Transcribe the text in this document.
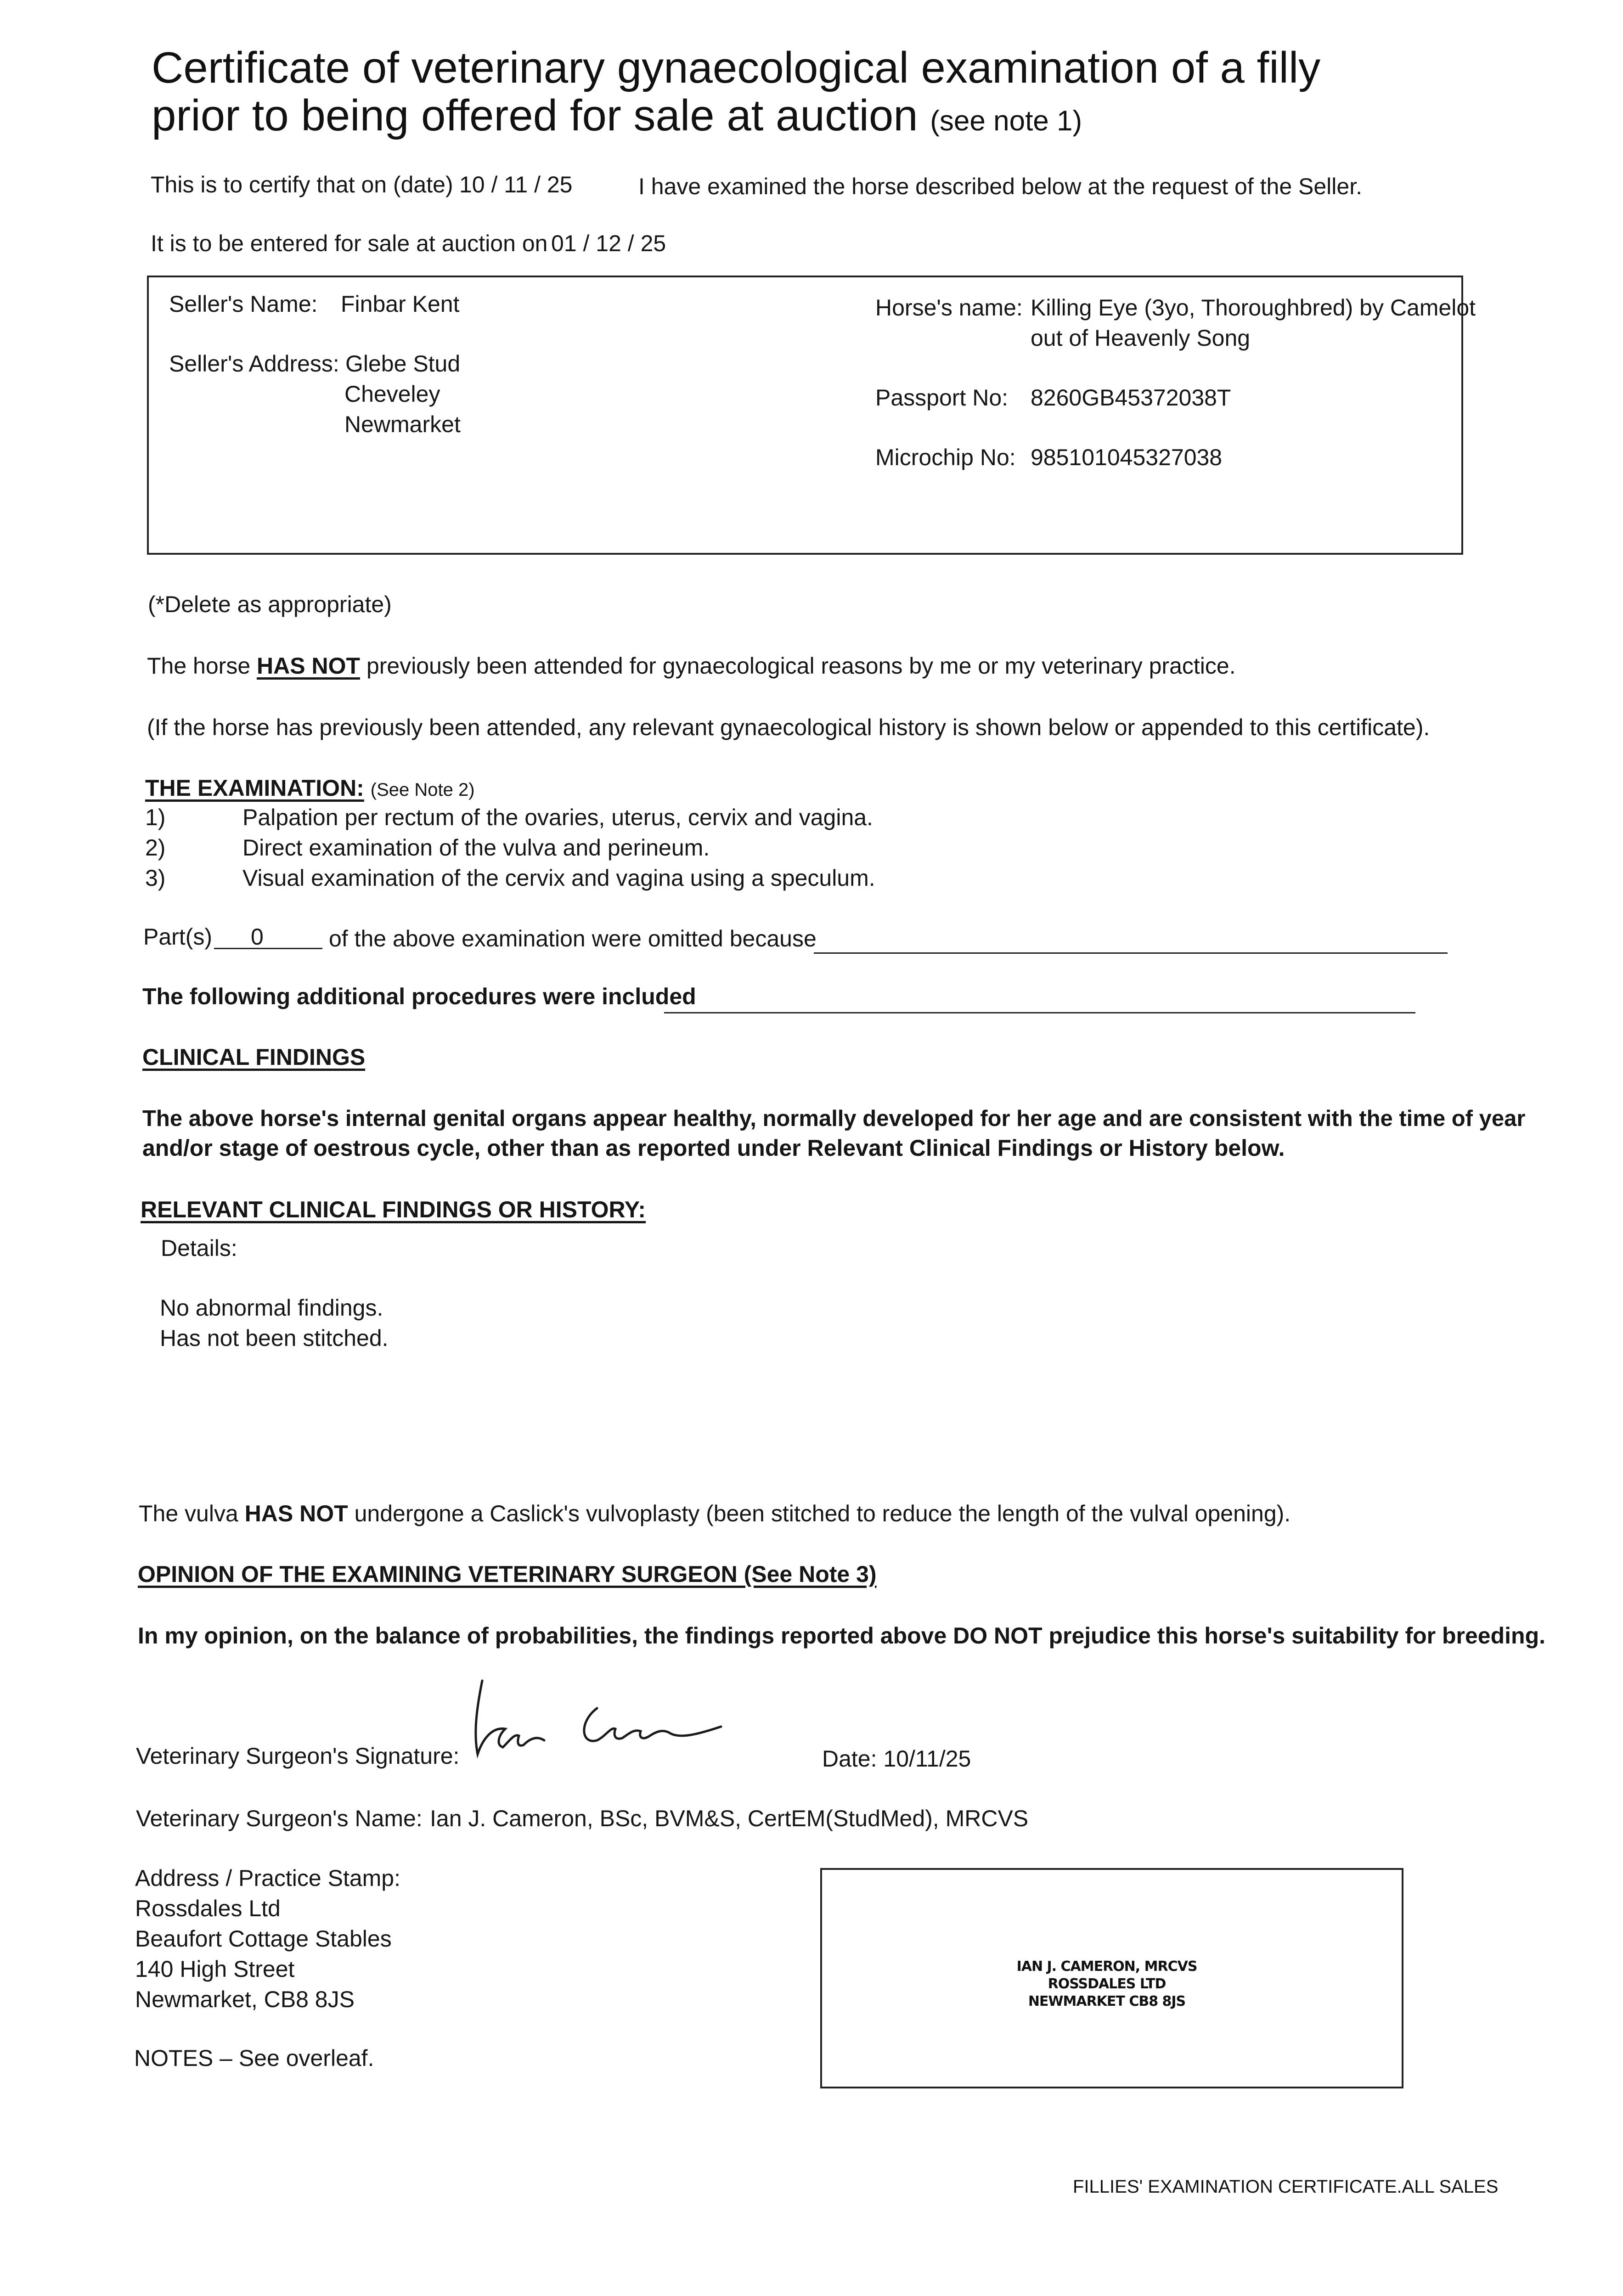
Certificate of veterinary gynaecological examination of a filly
prior to being offered for sale at auction (see note 1)
This is to certify that on (date) 10 / 11 / 25	I have examined the horse described below at the request of the Seller.
It is to be entered for sale at auction on 01 / 12 / 25
Seller's Name: Finbar Kent
Seller's Address: Glebe Stud
Cheveley
Newmarket
Horse's name: Killing Eye (3yo, Thoroughbred) by Camelot
out of Heavenly Song
Passport No: 8260GB45372038T
Microchip No: 985101045327038
(*Delete as appropriate)
The horse HAS NOT previously been attended for gynaecological reasons by me or my veterinary practice.
(If the horse has previously been attended, any relevant gynaecological history is shown below or appended to this certificate).
THE EXAMINATION: (See Note 2)
1)	Palpation per rectum of the ovaries, uterus, cervix and vagina.
2)	Direct examination of the vulva and perineum.
3)	Visual examination of the cervix and vagina using a speculum.
Part(s) 0	of the above examination were omitted because
The following additional procedures were included
CLINICAL FINDINGS
The above horse's internal genital organs appear healthy, normally developed for her age and are consistent with the time of year
and/or stage of oestrous cycle, other than as reported under Relevant Clinical Findings or History below.
RELEVANT CLINICAL FINDINGS OR HISTORY:
Details:
No abnormal findings.
Has not been stitched.
The vulva HAS NOT undergone a Caslick's vulvoplasty (been stitched to reduce the length of the vulval opening).
OPINION OF THE EXAMINING VETERINARY SURGEON (See Note 3)
In my opinion, on the balance of probabilities, the findings reported above DO NOT prejudice this horse's suitability for breeding.
Veterinary Surgeon's Signature:	Date: 10/11/25
Veterinary Surgeon's Name: Ian J. Cameron, BSc, BVM&S, CertEM(StudMed), MRCVS
Address / Practice Stamp:
Rossdales Ltd
Beaufort Cottage Stables
140 High Street
Newmarket, CB8 8JS
NOTES – See overleaf.
IAN J. CAMERON, MRCVS
ROSSDALES LTD
NEWMARKET CB8 8JS
FILLIES' EXAMINATION CERTIFICATE.ALL SALES
